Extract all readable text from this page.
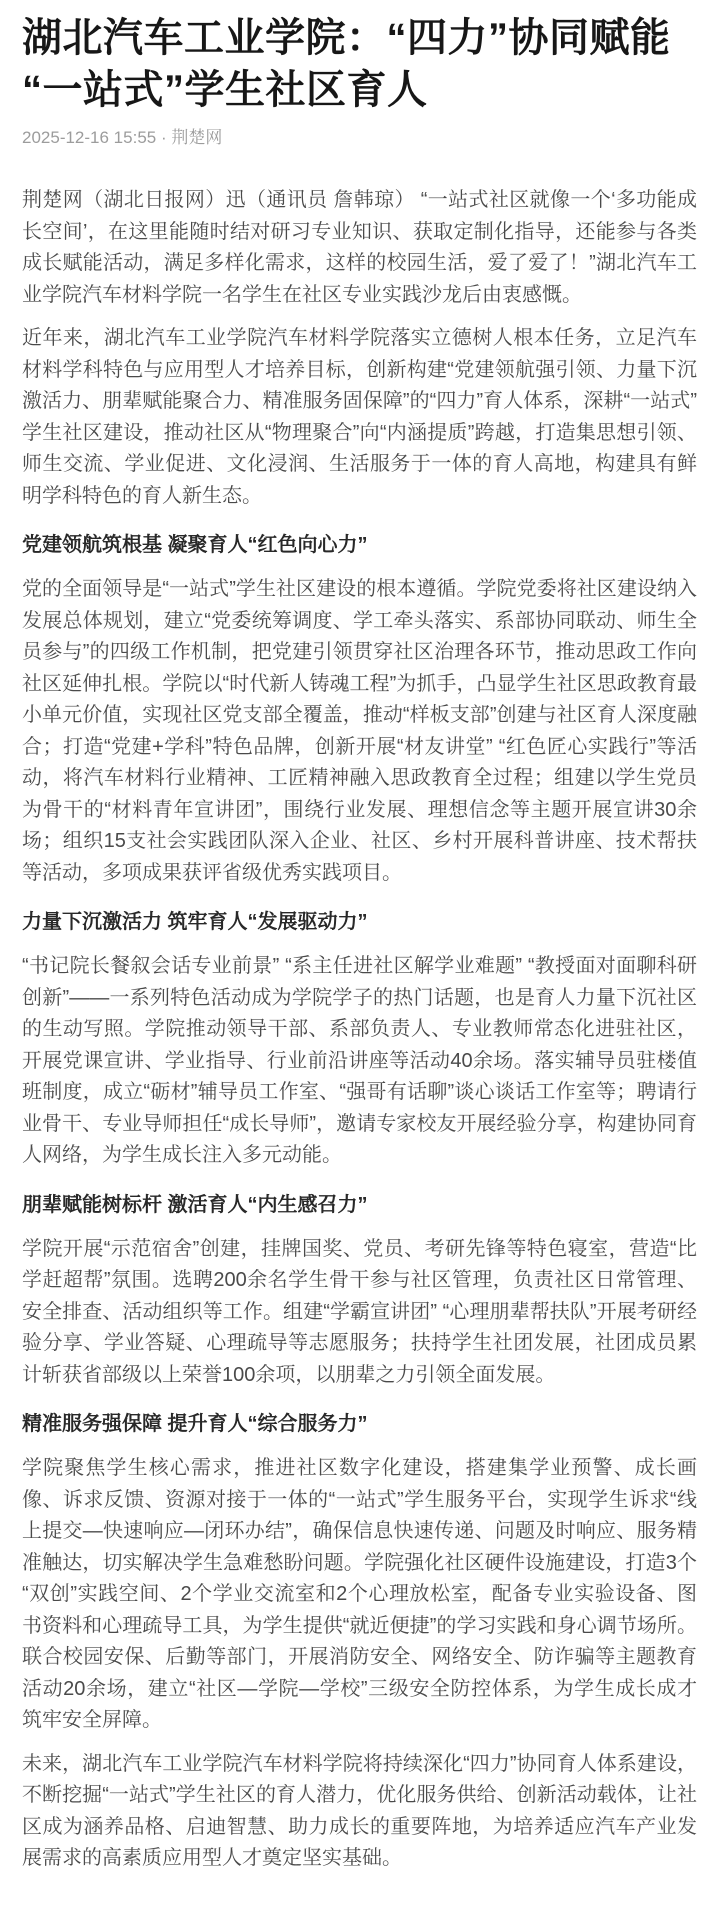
湖北汽车工业学院：“四力”协同赋能“一站式”学生社区育人
2025-12-16 15:55 · 荆楚网

荆楚网（湖北日报网）迅（通讯员 詹韩琼） “一站式社区就像一个‘多功能成长空间’，在这里能随时结对研习专业知识、获取定制化指导，还能参与各类成长赋能活动，满足多样化需求，这样的校园生活，爱了爱了！”湖北汽车工业学院汽车材料学院一名学生在社区专业实践沙龙后由衷感慨。

近年来，湖北汽车工业学院汽车材料学院落实立德树人根本任务，立足汽车材料学科特色与应用型人才培养目标，创新构建“党建领航强引领、力量下沉激活力、朋辈赋能聚合力、精准服务固保障”的“四力”育人体系，深耕“一站式”学生社区建设，推动社区从“物理聚合”向“内涵提质”跨越，打造集思想引领、师生交流、学业促进、文化浸润、生活服务于一体的育人高地，构建具有鲜明学科特色的育人新生态。

党建领航筑根基 凝聚育人“红色向心力”

党的全面领导是“一站式”学生社区建设的根本遵循。学院党委将社区建设纳入发展总体规划，建立“党委统筹调度、学工牵头落实、系部协同联动、师生全员参与”的四级工作机制，把党建引领贯穿社区治理各环节，推动思政工作向社区延伸扎根。学院以“时代新人铸魂工程”为抓手，凸显学生社区思政教育最小单元价值，实现社区党支部全覆盖，推动“样板支部”创建与社区育人深度融合；打造“党建+学科”特色品牌，创新开展“材友讲堂” “红色匠心实践行”等活动，将汽车材料行业精神、工匠精神融入思政教育全过程；组建以学生党员为骨干的“材料青年宣讲团”，围绕行业发展、理想信念等主题开展宣讲30余场；组织15支社会实践团队深入企业、社区、乡村开展科普讲座、技术帮扶等活动，多项成果获评省级优秀实践项目。

力量下沉激活力 筑牢育人“发展驱动力”

“书记院长餐叙会话专业前景” “系主任进社区解学业难题” “教授面对面聊科研创新”——一系列特色活动成为学院学子的热门话题，也是育人力量下沉社区的生动写照。学院推动领导干部、系部负责人、专业教师常态化进驻社区，开展党课宣讲、学业指导、行业前沿讲座等活动40余场。落实辅导员驻楼值班制度，成立“砺材”辅导员工作室、“强哥有话聊”谈心谈话工作室等；聘请行业骨干、专业导师担任“成长导师”，邀请专家校友开展经验分享，构建协同育人网络，为学生成长注入多元动能。

朋辈赋能树标杆 激活育人“内生感召力”

学院开展“示范宿舍”创建，挂牌国奖、党员、考研先锋等特色寝室，营造“比学赶超帮”氛围。选聘200余名学生骨干参与社区管理，负责社区日常管理、安全排查、活动组织等工作。组建“学霸宣讲团” “心理朋辈帮扶队”开展考研经验分享、学业答疑、心理疏导等志愿服务；扶持学生社团发展，社团成员累计斩获省部级以上荣誉100余项，以朋辈之力引领全面发展。

精准服务强保障 提升育人“综合服务力”

学院聚焦学生核心需求，推进社区数字化建设，搭建集学业预警、成长画像、诉求反馈、资源对接于一体的“一站式”学生服务平台，实现学生诉求“线上提交—快速响应—闭环办结”，确保信息快速传递、问题及时响应、服务精准触达，切实解决学生急难愁盼问题。学院强化社区硬件设施建设，打造3个“双创”实践空间、2个学业交流室和2个心理放松室，配备专业实验设备、图书资料和心理疏导工具，为学生提供“就近便捷”的学习实践和身心调节场所。联合校园安保、后勤等部门，开展消防安全、网络安全、防诈骗等主题教育活动20余场，建立“社区—学院—学校”三级安全防控体系，为学生成长成才筑牢安全屏障。

未来，湖北汽车工业学院汽车材料学院将持续深化“四力”协同育人体系建设，不断挖掘“一站式”学生社区的育人潜力，优化服务供给、创新活动载体，让社区成为涵养品格、启迪智慧、助力成长的重要阵地，为培养适应汽车产业发展需求的高素质应用型人才奠定坚实基础。
